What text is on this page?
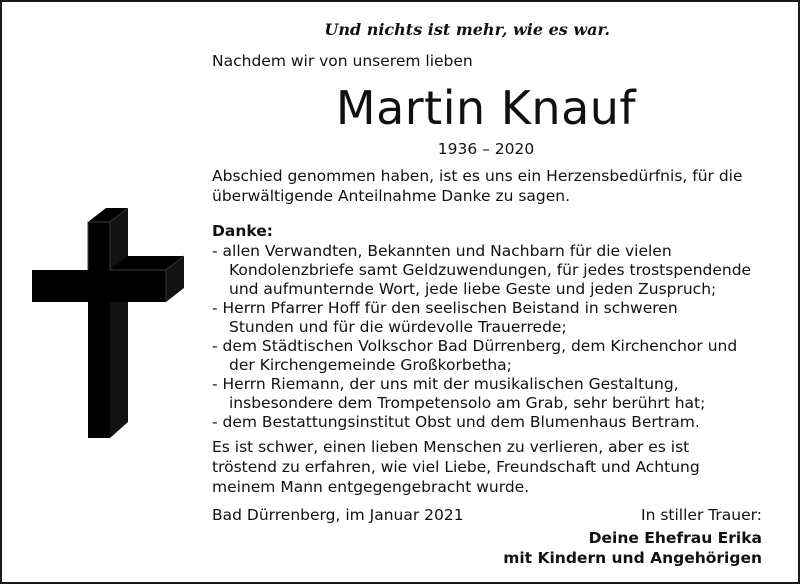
Und nichts ist mehr, wie es war.
Nachdem wir von unserem lieben
Martin Knauf
1936 – 2020
Abschied genommen haben, ist es uns ein Herzensbedürfnis, für die
überwältigende Anteilnahme Danke zu sagen.
Danke:
- allen Verwandten, Bekannten und Nachbarn für die vielen
Kondolenzbriefe samt Geldzuwendungen, für jedes trostspendende
und aufmunternde Wort, jede liebe Geste und jeden Zuspruch;
- Herrn Pfarrer Hoff für den seelischen Beistand in schweren
Stunden und für die würdevolle Trauerrede;
- dem Städtischen Volkschor Bad Dürrenberg, dem Kirchenchor und
der Kirchengemeinde Großkorbetha;
- Herrn Riemann, der uns mit der musikalischen Gestaltung,
insbesondere dem Trompetensolo am Grab, sehr berührt hat;
- dem Bestattungsinstitut Obst und dem Blumenhaus Bertram.
Es ist schwer, einen lieben Menschen zu verlieren, aber es ist
tröstend zu erfahren, wie viel Liebe, Freundschaft und Achtung
meinem Mann entgegengebracht wurde.
Bad Dürrenberg, im Januar 2021	In stiller Trauer:
Deine Ehefrau Erika
mit Kindern und Angehörigen
